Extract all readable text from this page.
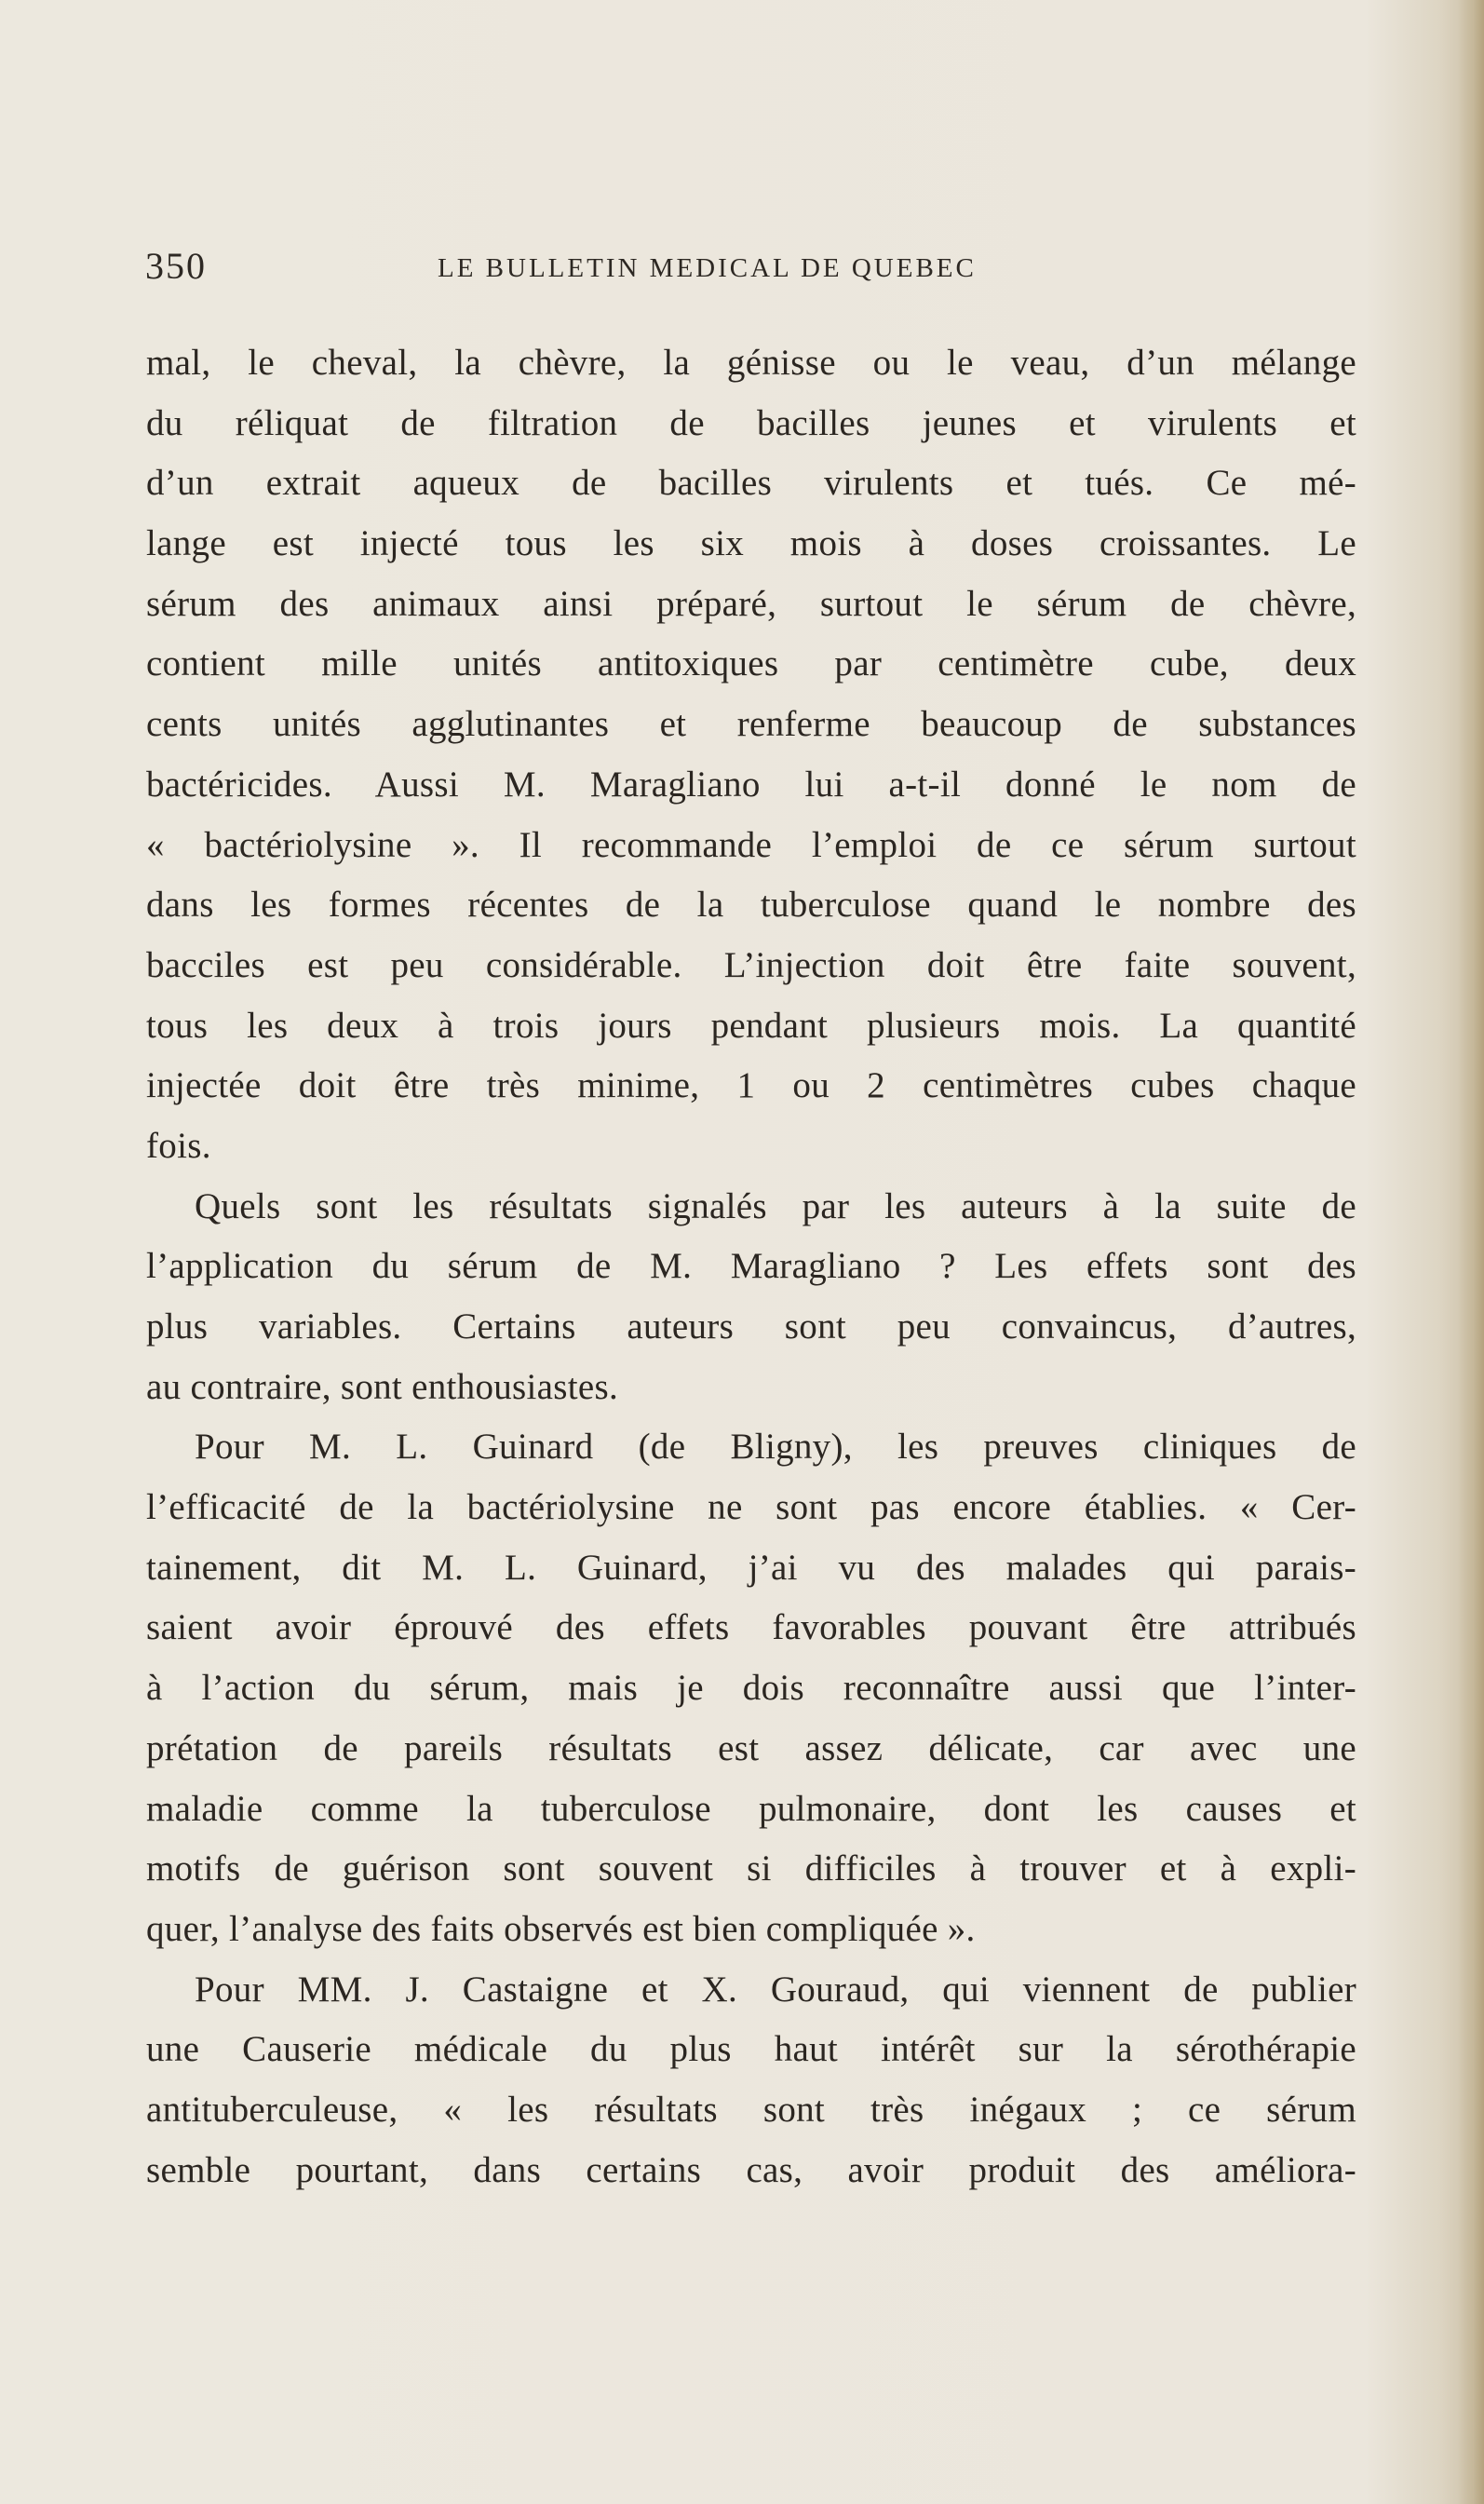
350	LE BULLETIN MEDICAL DE QUEBEC
mal, le cheval, la chèvre, la génisse ou le veau, d’un mélange
du réliquat de filtration de bacilles jeunes et virulents et
d’un extrait aqueux de bacilles virulents et tués. Ce mé-
lange est injecté tous les six mois à doses croissantes. Le
sérum des animaux ainsi préparé, surtout le sérum de chèvre,
contient mille unités antitoxiques par centimètre cube, deux
cents unités agglutinantes et renferme beaucoup de substances
bactéricides. Aussi M. Maragliano lui a-t-il donné le nom de
« bactériolysine ». Il recommande l’emploi de ce sérum surtout
dans les formes récentes de la tuberculose quand le nombre des
bacciles est peu considérable. L’injection doit être faite souvent,
tous les deux à trois jours pendant plusieurs mois. La quantité
injectée doit être très minime, 1 ou 2 centimètres cubes chaque
fois.
Quels sont les résultats signalés par les auteurs à la suite de
l’application du sérum de M. Maragliano ? Les effets sont des
plus variables. Certains auteurs sont peu convaincus, d’autres,
au contraire, sont enthousiastes.
Pour M. L. Guinard (de Bligny), les preuves cliniques de
l’efficacité de la bactériolysine ne sont pas encore établies. « Cer-
tainement, dit M. L. Guinard, j’ai vu des malades qui parais-
saient avoir éprouvé des effets favorables pouvant être attribués
à l’action du sérum, mais je dois reconnaître aussi que l’inter-
prétation de pareils résultats est assez délicate, car avec une
maladie comme la tuberculose pulmonaire, dont les causes et
motifs de guérison sont souvent si difficiles à trouver et à expli-
quer, l’analyse des faits observés est bien compliquée ».
Pour MM. J. Castaigne et X. Gouraud, qui viennent de publier
une Causerie médicale du plus haut intérêt sur la sérothérapie
antituberculeuse, « les résultats sont très inégaux ; ce sérum
semble pourtant, dans certains cas, avoir produit des améliora-
